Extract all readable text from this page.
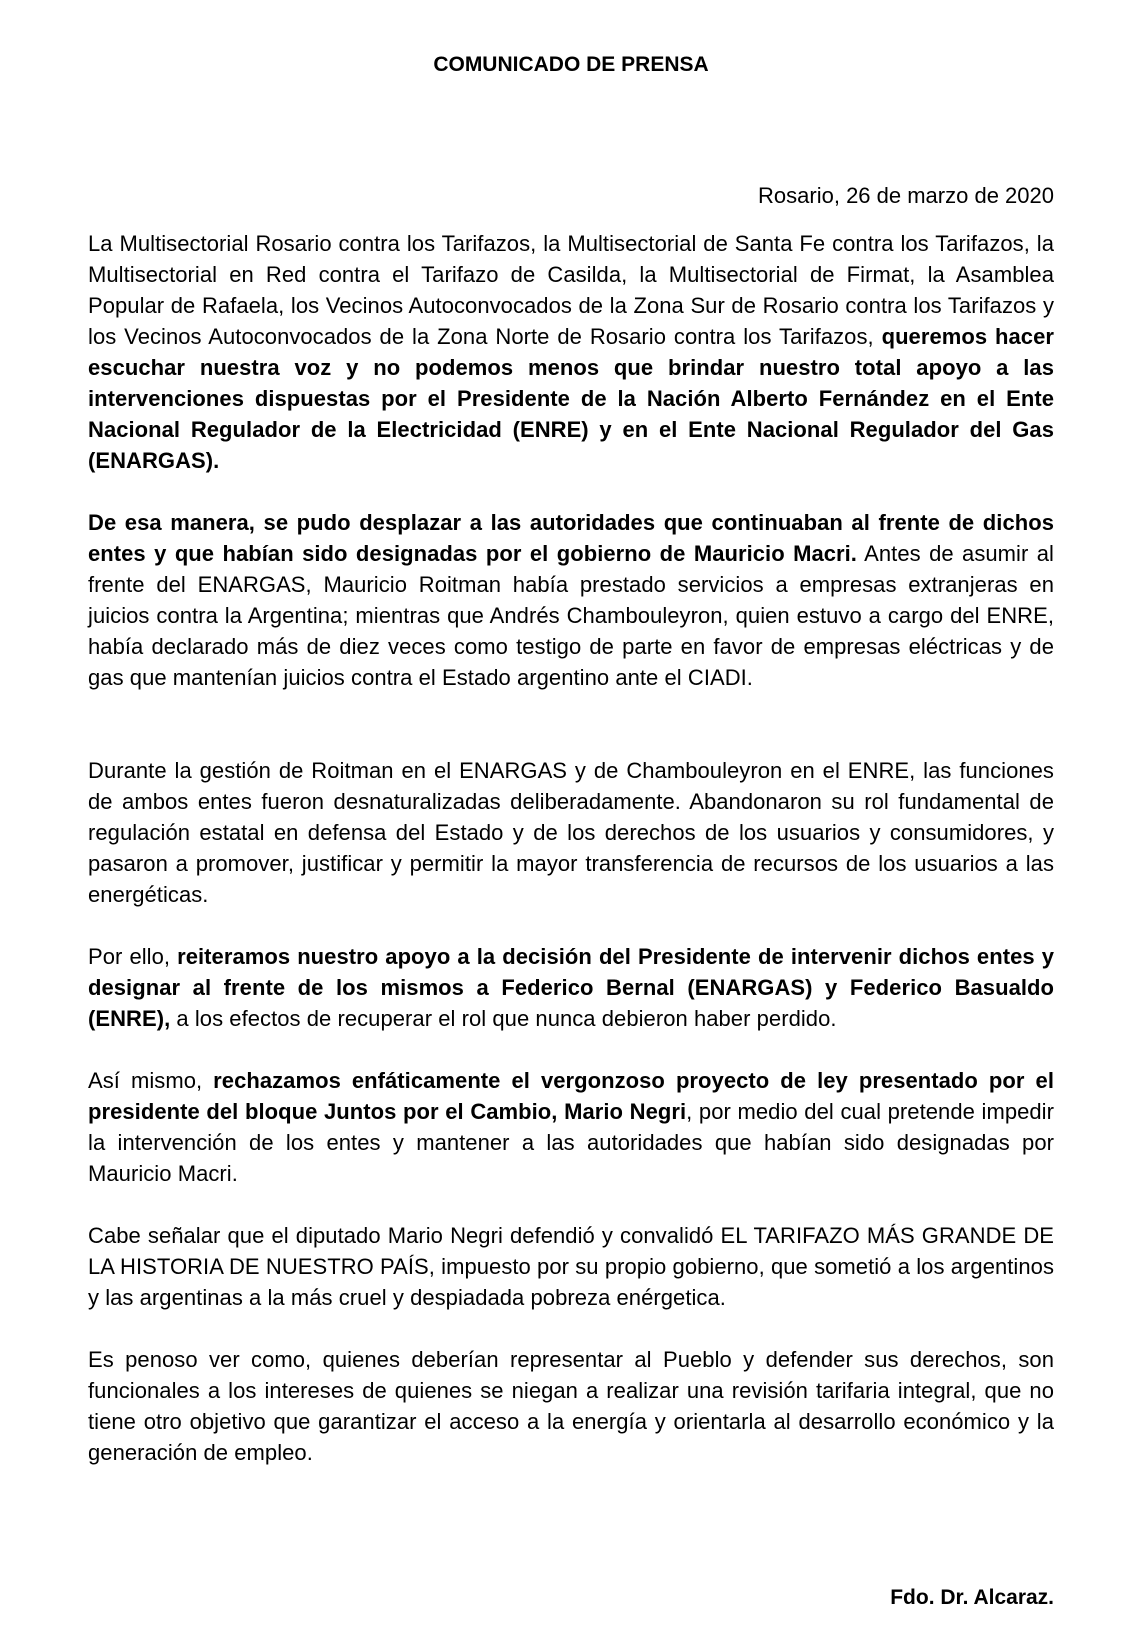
COMUNICADO DE PRENSA

Rosario, 26 de marzo de 2020

La Multisectorial Rosario contra los Tarifazos, la Multisectorial de Santa Fe contra los Tarifazos, la Multisectorial en Red contra el Tarifazo de Casilda, la Multisectorial de Firmat, la Asamblea Popular de Rafaela, los Vecinos Autoconvocados de la Zona Sur de Rosario contra los Tarifazos y los Vecinos Autoconvocados de la Zona Norte de Rosario contra los Tarifazos, queremos hacer escuchar nuestra voz y no podemos menos que brindar nuestro total apoyo a las intervenciones dispuestas por el Presidente de la Nación Alberto Fernández en el Ente Nacional Regulador de la Electricidad (ENRE) y en el Ente Nacional Regulador del Gas (ENARGAS).

De esa manera, se pudo desplazar a las autoridades que continuaban al frente de dichos entes y que habían sido designadas por el gobierno de Mauricio Macri. Antes de asumir al frente del ENARGAS, Mauricio Roitman había prestado servicios a empresas extranjeras en juicios contra la Argentina; mientras que Andrés Chambouleyron, quien estuvo a cargo del ENRE, había declarado más de diez veces como testigo de parte en favor de empresas eléctricas y de gas que mantenían juicios contra el Estado argentino ante el CIADI.

Durante la gestión de Roitman en el ENARGAS y de Chambouleyron en el ENRE, las funciones de ambos entes fueron desnaturalizadas deliberadamente. Abandonaron su rol fundamental de regulación estatal en defensa del Estado y de los derechos de los usuarios y consumidores, y pasaron a promover, justificar y permitir la mayor transferencia de recursos de los usuarios a las energéticas.

Por ello, reiteramos nuestro apoyo a la decisión del Presidente de intervenir dichos entes y designar al frente de los mismos a Federico Bernal (ENARGAS) y Federico Basualdo (ENRE), a los efectos de recuperar el rol que nunca debieron haber perdido.

Así mismo, rechazamos enfáticamente el vergonzoso proyecto de ley presentado por el presidente del bloque Juntos por el Cambio, Mario Negri, por medio del cual pretende impedir la intervención de los entes y mantener a las autoridades que habían sido designadas por Mauricio Macri.

Cabe señalar que el diputado Mario Negri defendió y convalidó EL TARIFAZO MÁS GRANDE DE LA HISTORIA DE NUESTRO PAÍS, impuesto por su propio gobierno, que sometió a los argentinos y las argentinas a la más cruel y despiadada pobreza enérgetica.

Es penoso ver como, quienes deberían representar al Pueblo y defender sus derechos, son funcionales a los intereses de quienes se niegan a realizar una revisión tarifaria integral, que no tiene otro objetivo que garantizar el acceso a la energía y orientarla al desarrollo económico y la generación de empleo.

Fdo. Dr. Alcaraz.
